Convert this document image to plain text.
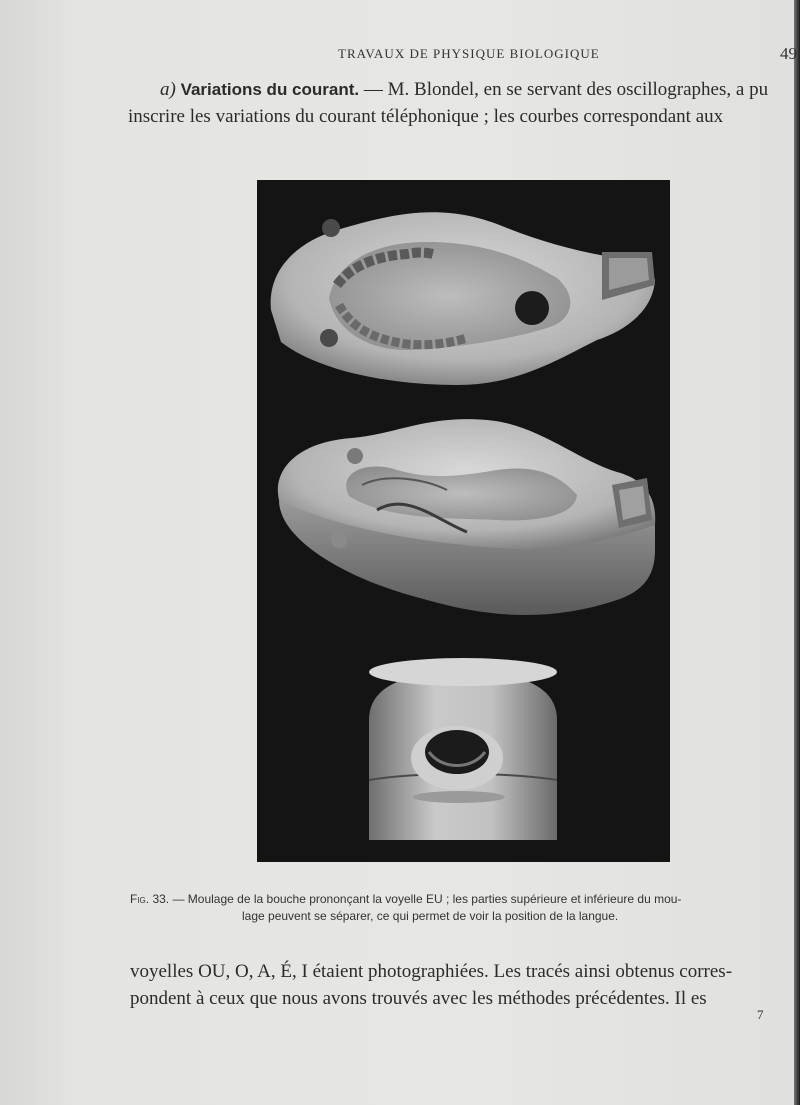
TRAVAUX DE PHYSIQUE BIOLOGIQUE	49
a) Variations du courant. — M. Blondel, en se servant des oscillographes, a pu
inscrire les variations du courant téléphonique ; les courbes correspondant aux
Fig. 33. — Moulage de la bouche prononçant la voyelle EU ; les parties supérieure et inférieure du mou-
lage peuvent se séparer, ce qui permet de voir la position de la langue.
voyelles OU, O, A, É, I étaient photographiées. Les tracés ainsi obtenus corres-
pondent à ceux que nous avons trouvés avec les méthodes précédentes. Il es
7
